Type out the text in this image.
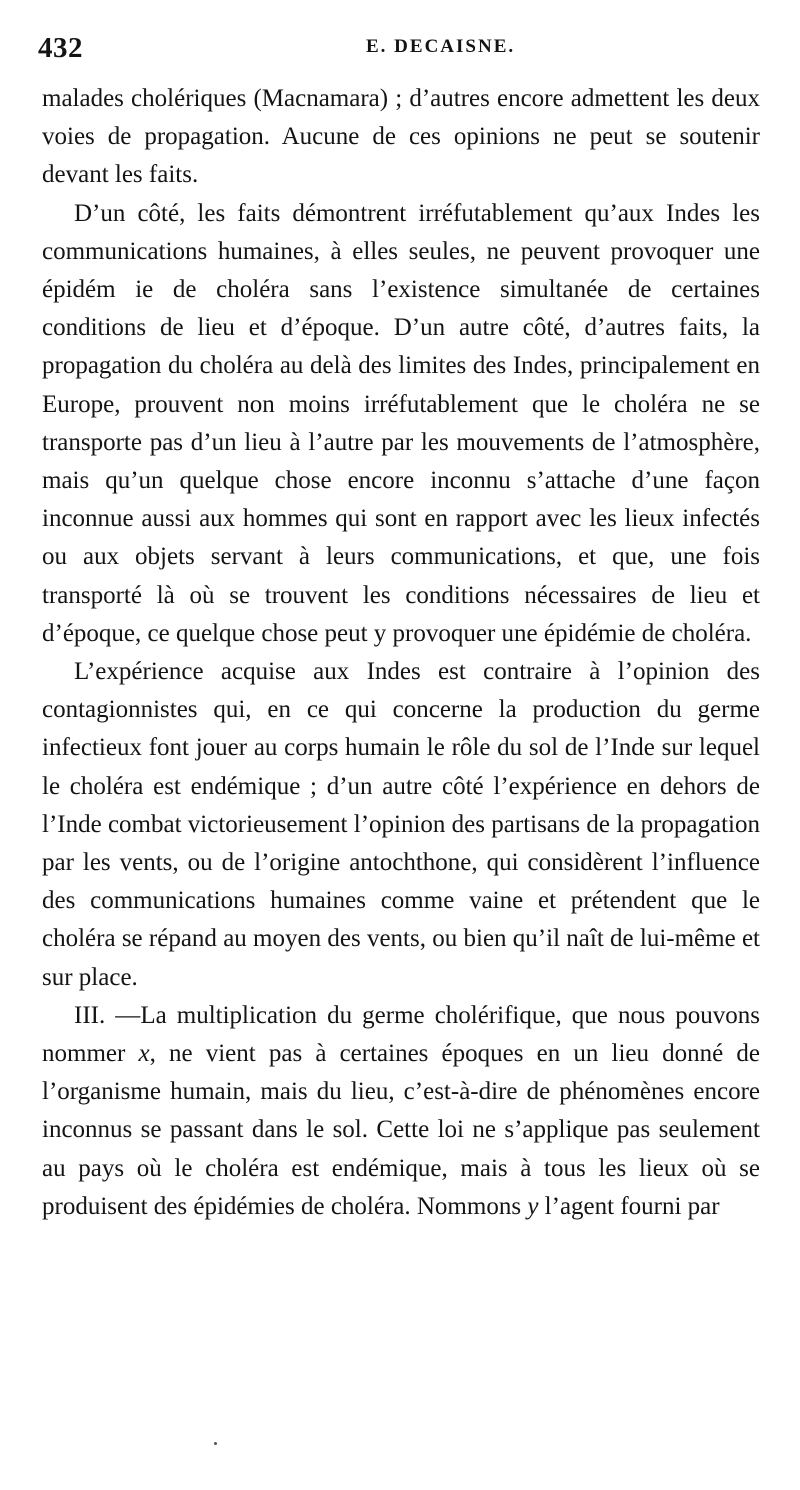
432	E. DECAISNE.

malades cholériques (Macnamara) ; d’autres encore admettent les deux voies de propagation. Aucune de ces opinions ne peut se soutenir devant les faits.

D’un côté, les faits démontrent irréfutablement qu’aux Indes les communications humaines, à elles seules, ne peuvent provoquer une épidém ie de choléra sans l’existence simultanée de certaines conditions de lieu et d’époque. D’un autre côté, d’autres faits, la propagation du choléra au delà des limites des Indes, principalement en Europe, prouvent non moins irréfutablement que le choléra ne se transporte pas d’un lieu à l’autre par les mouvements de l’atmosphère, mais qu’un quelque chose encore inconnu s’attache d’une façon inconnue aussi aux hommes qui sont en rapport avec les lieux infectés ou aux objets servant à leurs communications, et que, une fois transporté là où se trouvent les conditions nécessaires de lieu et d’époque, ce quelque chose peut y provoquer une épidémie de choléra.

L’expérience acquise aux Indes est contraire à l’opinion des contagionnistes qui, en ce qui concerne la production du germe infectieux font jouer au corps humain le rôle du sol de l’Inde sur lequel le choléra est endémique ; d’un autre côté l’expérience en dehors de l’Inde combat victorieusement l’opinion des partisans de la propagation par les vents, ou de l’origine antochthone, qui considèrent l’influence des communications humaines comme vaine et prétendent que le choléra se répand au moyen des vents, ou bien qu’il naît de lui-même et sur place.

III. —La multiplication du germe cholérifique, que nous pouvons nommer x, ne vient pas à certaines époques en un lieu donné de l’organisme humain, mais du lieu, c’est-à-dire de phénomènes encore inconnus se passant dans le sol. Cette loi ne s’applique pas seulement au pays où le choléra est endémique, mais à tous les lieux où se produisent des épidémies de choléra. Nommons y l’agent fourni par
